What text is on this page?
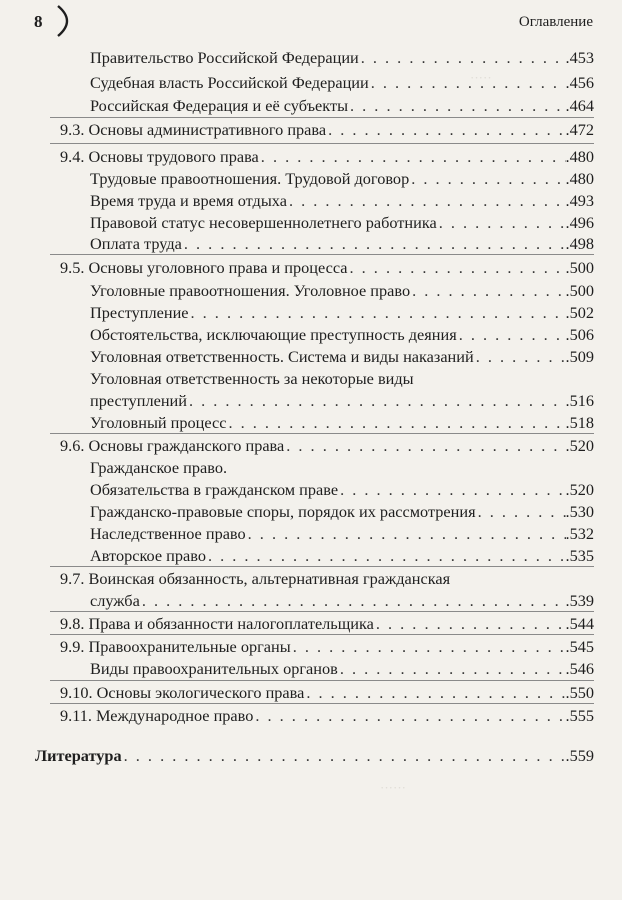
8	Оглавление
·····
······
Правительство Российской Федерации . . .	.453
Судебная власть Российской Федерации . . .	.456
Российская Федерация и её субъекты . . .	.464
9.3. Основы административного права . . .	.472
9.4. Основы трудового права . . .	.480
Трудовые правоотношения. Трудовой договор . . .	.480
Время труда и время отдыха . . .	.493
Правовой статус несовершеннолетнего работника . . .	.496
Оплата труда . . .	.498
9.5. Основы уголовного права и процесса . . .	.500
Уголовные правоотношения. Уголовное право . . .	.500
Преступление . . .	.502
Обстоятельства, исключающие преступность деяния . . .	.506
Уголовная ответственность. Система и виды наказаний . . .	.509
Уголовная ответственность за некоторые виды
преступлений . . .	.516
Уголовный процесс . . .	.518
9.6. Основы гражданского права . . .	.520
Гражданское право.
Обязательства в гражданском праве . . .	.520
Гражданско-правовые споры, порядок их рассмотрения . . .	.530
Наследственное право . . .	.532
Авторское право . . .	.535
9.7. Воинская обязанность, альтернативная гражданская
служба . . .	.539
9.8. Права и обязанности налогоплательщика . . .	.544
9.9. Правоохранительные органы . . .	.545
Виды правоохранительных органов . . .	.546
9.10. Основы экологического права . . .	.550
9.11. Международное право . . .	.555
Литература . . .	.559
